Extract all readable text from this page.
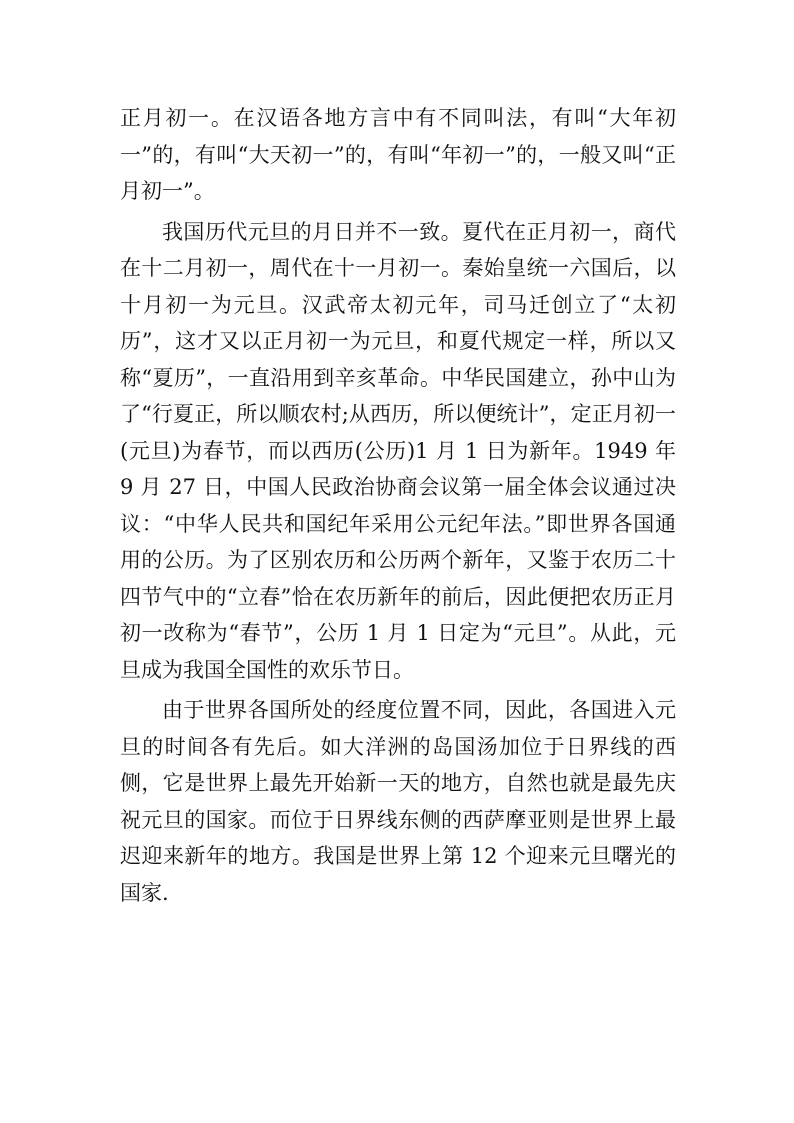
正月初一。在汉语各地方言中有不同叫法，有叫“大年初一”的，有叫“大天初一”的，有叫“年初一”的，一般又叫“正月初一”。

我国历代元旦的月日并不一致。夏代在正月初一，商代在十二月初一，周代在十一月初一。秦始皇统一六国后，以十月初一为元旦。汉武帝太初元年，司马迁创立了“太初历”，这才又以正月初一为元旦，和夏代规定一样，所以又称“夏历”，一直沿用到辛亥革命。中华民国建立，孙中山为了“行夏正，所以顺农村;从西历，所以便统计”，定正月初一(元旦)为春节，而以西历(公历)1 月 1 日为新年。1949 年 9 月 27 日，中国人民政治协商会议第一届全体会议通过决议：“中华人民共和国纪年采用公元纪年法。”即世界各国通用的公历。为了区别农历和公历两个新年，又鉴于农历二十四节气中的“立春”恰在农历新年的前后，因此便把农历正月初一改称为“春节”，公历 1 月 1 日定为“元旦”。从此，元旦成为我国全国性的欢乐节日。

由于世界各国所处的经度位置不同，因此，各国进入元旦的时间各有先后。如大洋洲的岛国汤加位于日界线的西侧，它是世界上最先开始新一天的地方，自然也就是最先庆祝元旦的国家。而位于日界线东侧的西萨摩亚则是世界上最迟迎来新年的地方。我国是世界上第 12 个迎来元旦曙光的国家.
